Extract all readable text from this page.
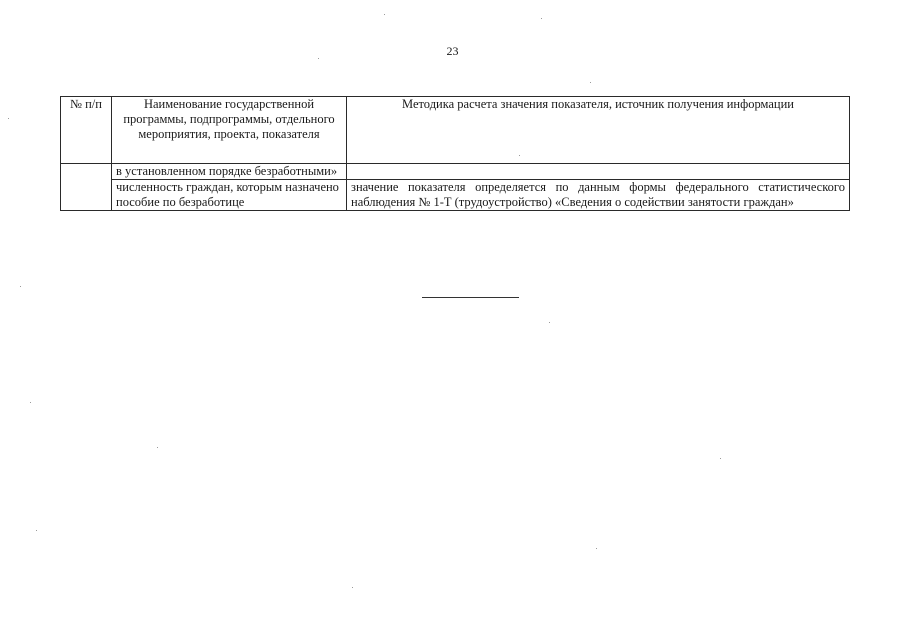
23
№ п/п	Наименование государственной программы, подпрограммы, отдельного мероприятия, проекта, показателя	Методика расчета значения показателя, источник получения информации
	в установленном порядке безработными»	
	численность граждан, которым назначено пособие по безработице	значение показателя определяется по данным формы федерального статистического наблюдения № 1-Т (трудоустройство) «Сведения о содействии занятости граждан»
